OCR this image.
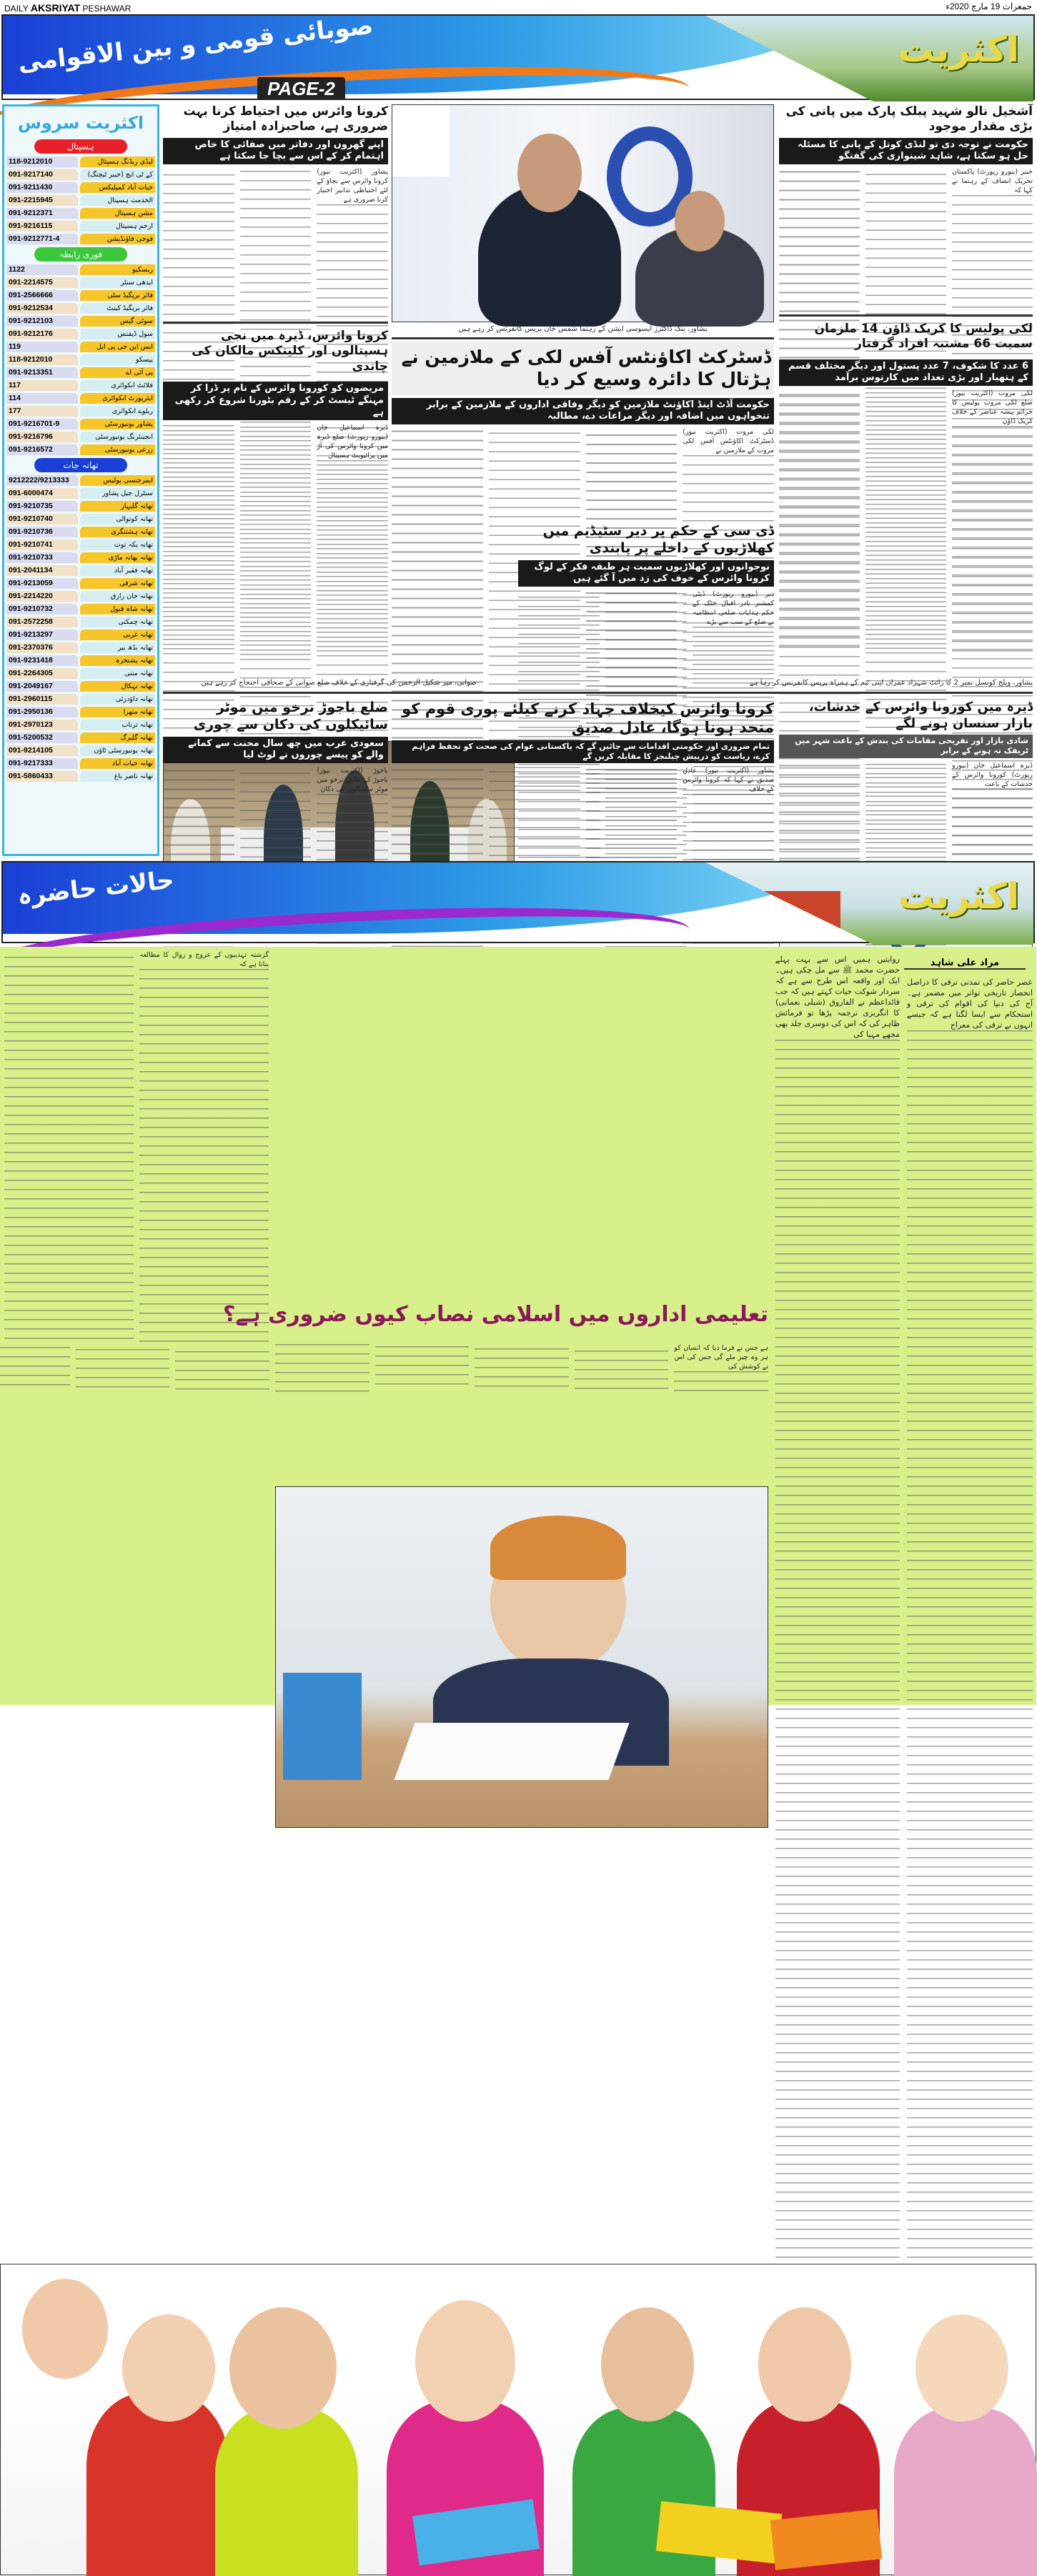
DAILY AKSRIYAT PESHAWAR	جمعرات 19 مارچ 2020ء
صوبائی قومی و بین الاقوامی	اکثریت
PAGE-2
اکثریت سروس
ہسپتال
118-9212010	لیڈی ریڈنگ ہسپتال
091-9217140	کے ٹی ایچ (خیبر ٹیچنگ)
091-9211430	حیات آباد کمپلیکس
091-2215945	الخدمت ہسپتال
091-9212371	مشن ہسپتال
091-9216115	ارحم ہسپتال
091-9212771-4	فوجی فاؤنڈیشن
فوری رابطہ
1122	ریسکیو
091-2214575	ایدھی سنٹر
091-2566666	فائر بریگیڈ سٹی
091-9212534	فائر بریگیڈ کینٹ
091-9212103	سوئی گیس
091-9212176	سول ڈیفنس
119	ایس این جی پی ایل
118-9212010	پیسکو
091-9213351	پی آئی اے
117	فلائٹ انکوائری
114	ایئرپورٹ انکوائری
177	ریلوے انکوائری
091-9216701-9	پشاور یونیورسٹی
091-9216796	انجینئرنگ یونیورسٹی
091-9216572	زرعی یونیورسٹی
تھانہ جات
9212222/9213333	ایمرجنسی پولیس
091-6000474	سنٹرل جیل پشاور
091-9210735	تھانہ گلبہار
091-9210740	تھانہ کوتوالی
091-9210736	تھانہ ہشتنگری
091-9210741	تھانہ یکہ توت
091-9210733	تھانہ بھانہ ماڑی
091-2041134	تھانہ فقیر آباد
091-9213059	تھانہ شرقی
091-2214220	تھانہ خان رازق
091-9210732	تھانہ شاہ قبول
091-2572258	تھانہ چمکنی
091-9213297	تھانہ غربی
091-2370376	تھانہ بڈھ بیر
091-9231418	تھانہ پشتخرہ
091-2264305	تھانہ متنی
091-2049167	تھانہ تہکال
091-2960115	تھانہ داؤدزئی
091-2950136	تھانہ متھرا
091-2970123	تھانہ ترناب
091-5200532	تھانہ گلبرگ
091-9214105	تھانہ یونیورسٹی ٹاؤن
091-9217333	تھانہ حیات آباد
091-5860433	تھانہ ناصر باغ
کرونا وائرس میں احتیاط کرنا بہت ضروری ہے، صاحبزادہ امتیاز
اپنے گھروں اور دفاتر میں صفائی کا خاص اہتمام کر کے اس سے بچا جا سکتا ہے
پشاور (اکثریت نیوز) کرونا وائرس سے بچاؤ کے لئے احتیاطی تدابیر اختیار کرنا ضروری ہے
کرونا وائرس، ڈیرہ میں نجی ہسپتالوں اور کلینکس مالکان کی چاندی
مریضوں کو کورونا وائرس کے نام پر ڈرا کر مہنگے ٹیسٹ کر کے رقم بٹورنا شروع کر رکھی ہے
ڈیرہ اسماعیل خان (بیورو رپورٹ) ضلع ڈیرہ میں کرونا وائرس کی آڑ میں پرائیویٹ ہسپتال
پشاور، ینگ ڈاکٹرز ایسوسی ایشن کے رہنما شمس خان پریس کانفرنس کر رہے ہیں
ڈسٹرکٹ اکاؤنٹس آفس لکی کے ملازمین نے ہڑتال کا دائرہ وسیع کر دیا
حکومت آڈٹ اینڈ اکاؤنٹ ملازمین کو دیگر وفاقی اداروں کے ملازمین کے برابر تنخواہوں میں اضافہ اور دیگر مراعات دے، مطالبہ
لکی مروت (اکثریت نیوز) ڈسٹرکٹ اکاؤنٹس آفس لکی مروت کے ملازمین نے
آشخیل نالو شہید پبلک پارک میں پانی کی بڑی مقدار موجود
حکومت نے توجہ دی تو لنڈی کوتل کے پانی کا مسئلہ حل ہو سکتا ہے، شاہد شینواری کی گفتگو
خیبر (بیورو رپورٹ) پاکستان تحریک انصاف کے رہنما نے کہا کہ
لکی پولیس کا کریک ڈاؤن 14 ملزمان سمیت 66 مشتبہ افراد گرفتار
6 عدد کا شکوف، 7 عدد پستول اور دیگر مختلف قسم کے ہتھیار اور بڑی تعداد میں کارتوس برآمد
لکی مروت (اکثریت نیوز) ضلع لکی مروت پولیس کا جرائم پیشہ عناصر کے خلاف کریک ڈاؤن
صوابی، میر شکیل الرحمن کی گرفتاری کے خلاف ضلع صوابی کے صحافی احتجاج کر رہے ہیں
ڈی سی کے حکم پر دیر سٹیڈیم میں کھلاڑیوں کے داخلے پر پابندی
نوجوانوں اور کھلاڑیوں سمیت ہر طبقہ فکر کے لوگ کرونا وائرس کے خوف کی زد میں آ گئے ہیں
دیر (بیورو رپورٹ) ڈپٹی کمشنر نادر اقبال خٹک کے حکم ہدایات ضلعی انتظامیہ نے ضلع کے سب سے بڑے
پشاور، ویلج کونسل نمبر 2 کا رائٹ شہزاد عمران اپنی ٹیم کے ہمراہ پریس کانفرنس کر رہا ہے
ضلع باجوڑ ترخو میں موٹر سائیکلوں کی دکان سے چوری
سعودی عرب میں چھ سال محنت سے کمانے والے کو پیسے چوروں نے لوٹ لیا
باجوڑ (اکثریت نیوز) باجوڑ کے علاقے ترخو میں موٹر سائیکلوں کی دکان
کرونا وائرس کیخلاف جہاد کرنے کیلئے پوری قوم کو متحد ہونا ہوگا، عادل صدیق
تمام ضروری اور حکومتی اقدامات سے جائیں گے کہ پاکستانی عوام کی صحت کو تحفظ فراہم کرے، ریاست کو درپیش چیلنجز کا مقابلہ کریں گے
پشاور (اکثریت نیوز) عادل صدیق نے کہا کہ کرونا وائرس کے خلاف
ڈیرہ میں کورونا وائرس کے خدشات، بازار سنسان ہونے لگے
شادی بازار اور تفریحی مقامات کی بندش کے باعث شہر میں ٹریفک نہ ہونے کے برابر
ڈیرہ اسماعیل خان (بیورو رپورٹ) کورونا وائرس کے خدشات کے باعث
حالات حاضرہ	اکثریت
گزشتہ تہذیبوں کے عروج و زوال کا مطالعہ بتاتا ہے کہ
تعلیمی اداروں میں اسلامی نصاب کیوں ضروری ہے؟
مراد علی شاہد
عصر حاضر کی تمدنی ترقی کا دراصل انحصار تاریخی تواتر میں مضمر ہے۔ آج کی دنیا کی اقوام کی ترقی و استحکام سے ایسا لگتا ہے کہ جیسے انہوں نے ترقی کی معراج
روایتیں ہمیں اس سے بہت پہلے حضرت محمد ﷺ سے مل چکی ہیں۔ ایک اور واقعہ اس طرح سے ہے کہ سردار شوکت حیات کہتے ہیں کہ جب قائداعظم نے الفاروق (شبلی نعمانی) کا انگریزی ترجمہ پڑھا تو فرمائش ظاہر کی کہ اس کی دوسری جلد بھی مجھے مہیا کی
ہے جس نے فرما دیا کہ انسان کو ہر وہ چیز ملے گی جس کی اس نے کوشش کی
